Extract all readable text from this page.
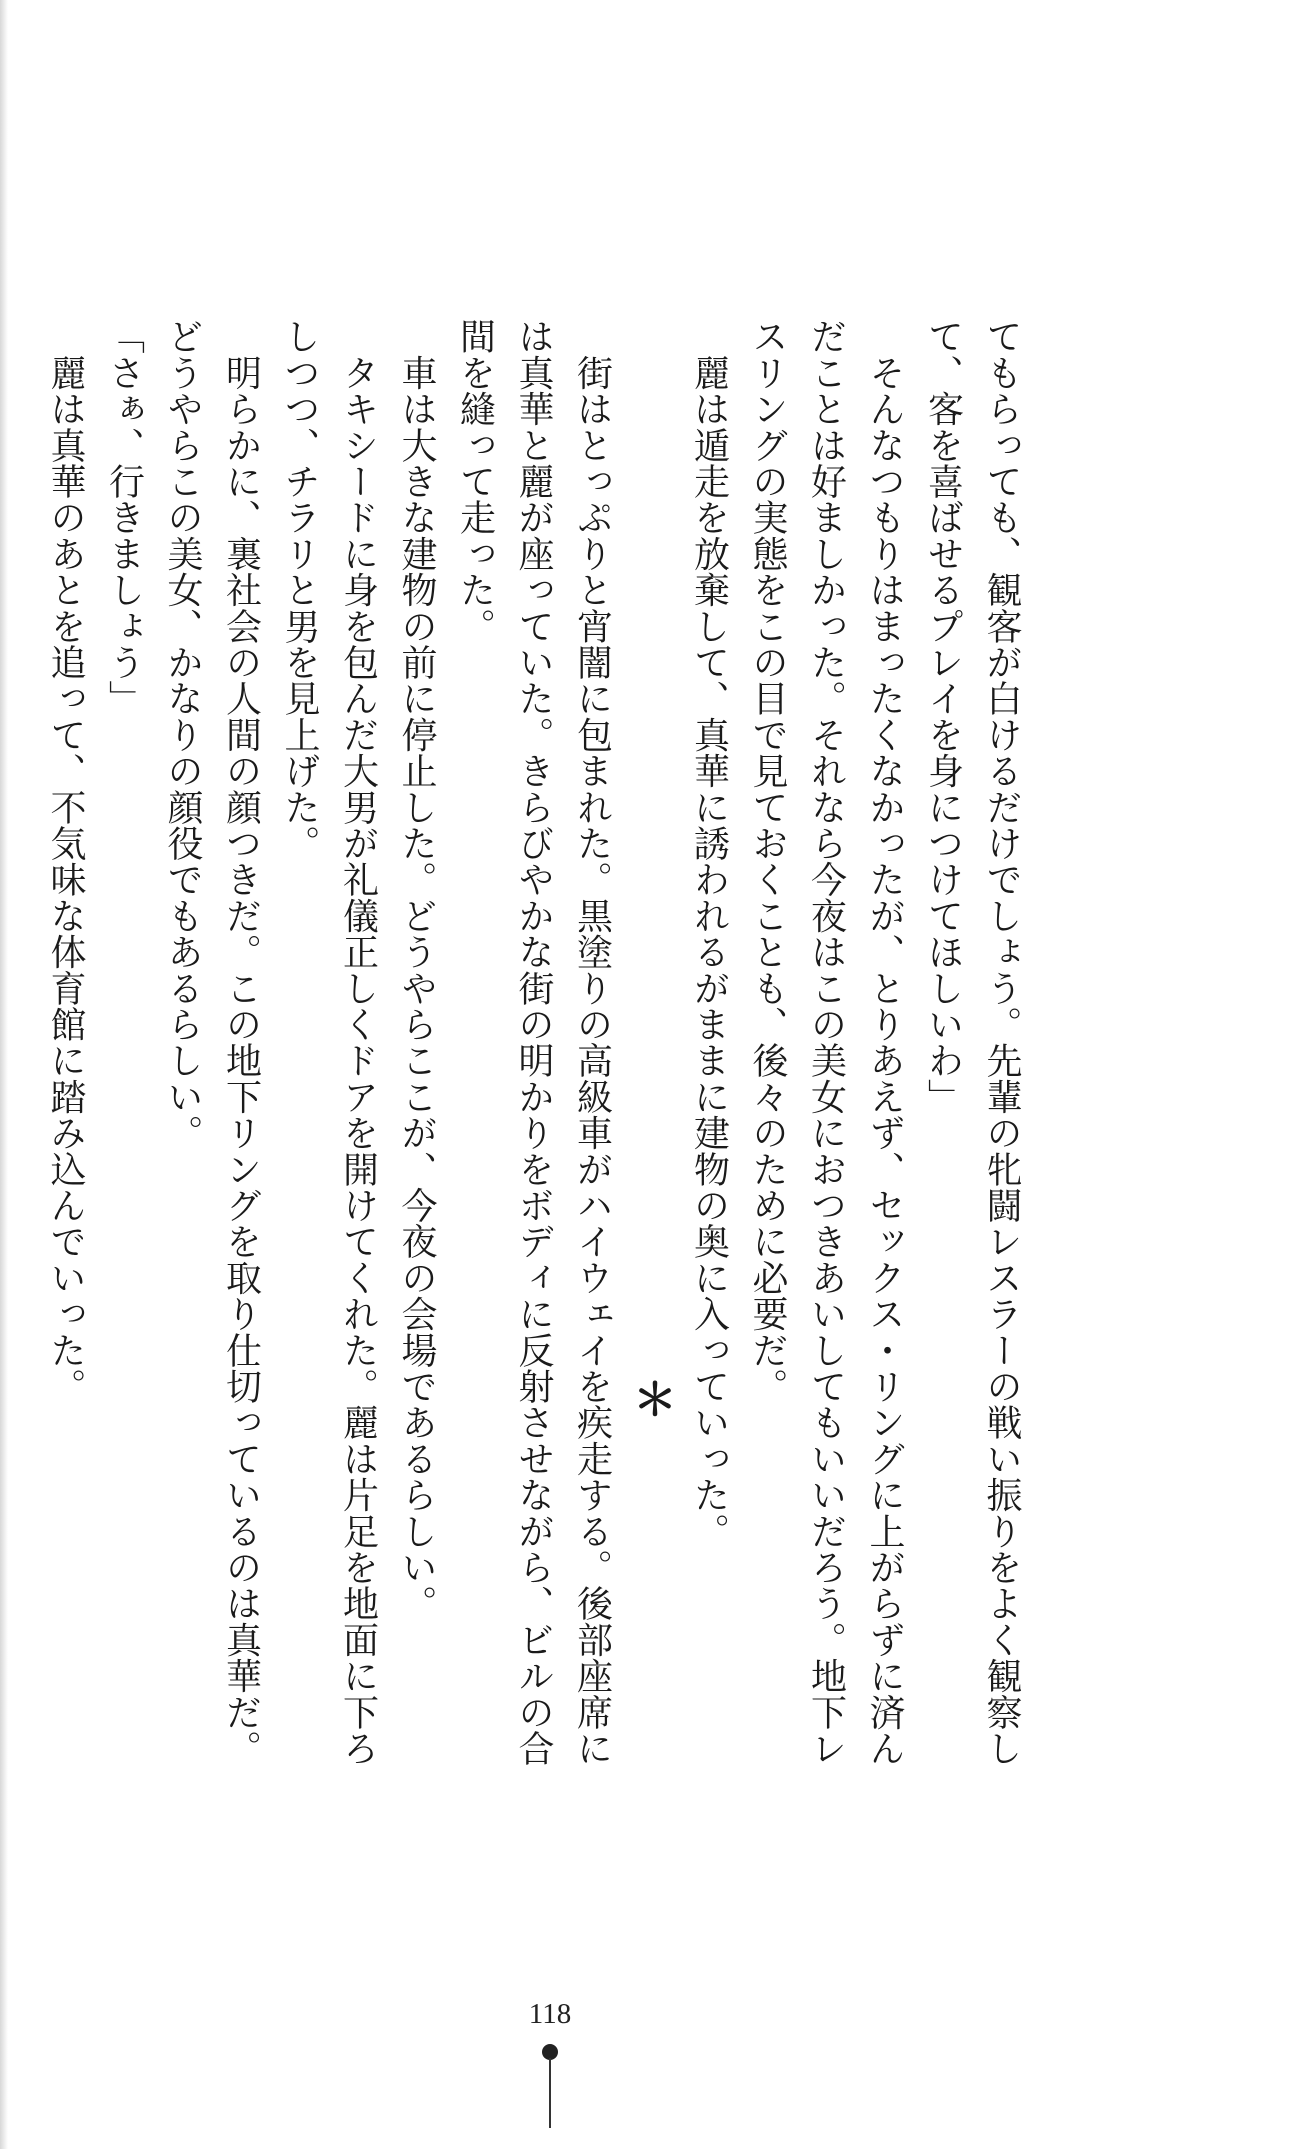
てもらっても、観客が白けるだけでしょう。先輩の牝闘レスラーの戦い振りをよく観察し
て、客を喜ばせるプレイを身につけてほしいわ」
　そんなつもりはまったくなかったが、とりあえず、セックス・リングに上がらずに済ん
だことは好ましかった。それなら今夜はこの美女におつきあいしてもいいだろう。地下レ
スリングの実態をこの目で見ておくことも、後々のために必要だ。
　麗は遁走を放棄して、真華に誘われるがままに建物の奥に入っていった。
＊
　街はとっぷりと宵闇に包まれた。黒塗りの高級車がハイウェイを疾走する。後部座席に
は真華と麗が座っていた。きらびやかな街の明かりをボディに反射させながら、ビルの合
間を縫って走った。
　車は大きな建物の前に停止した。どうやらここが、今夜の会場であるらしい。
　タキシードに身を包んだ大男が礼儀正しくドアを開けてくれた。麗は片足を地面に下ろ
しつつ、チラリと男を見上げた。
　明らかに、裏社会の人間の顔つきだ。この地下リングを取り仕切っているのは真華だ。
どうやらこの美女、かなりの顔役でもあるらしい。
「さぁ、行きましょう」
　麗は真華のあとを追って、不気味な体育館に踏み込んでいった。
118
